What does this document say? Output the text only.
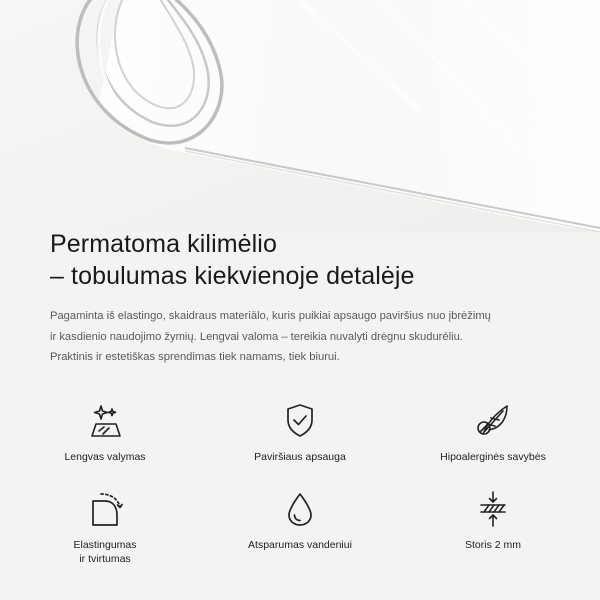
Permatoma kilimėlio
– tobulumas kiekvienoje detalėje

Pagaminta iš elastingo, skaidraus materiālo, kuris puikiai apsaugo paviršius nuo įbrėžimų
ir kasdienio naudojimo žymių. Lengvai valoma – tereikia nuvalyti drėgnu skuduréliu.
Praktinis ir estetiškas sprendimas tiek namams, tiek biurui.

Lengvas valymas	Paviršiaus apsauga	Hipoalerginės savybės
Elastingumas
ir tvirtumas
Atsparumas vandeniui	Storis 2 mm
